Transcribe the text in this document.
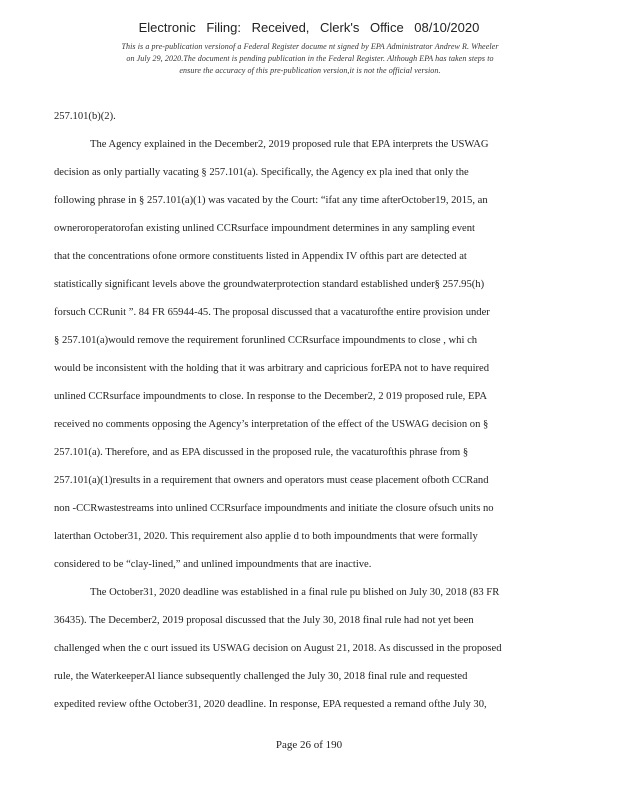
Electronic Filing: Received, Clerk's Office 08/10/2020
This is a pre-publication versionof a Federal Register docume nt signed by EPA Administrator Andrew R. Wheeler
on July 29, 2020.The document is pending publication in the Federal Register. Although EPA has taken steps to
ensure the accuracy of this pre-publication version,it is not the official version.
257.101(b)(2).
The Agency explained in the December2, 2019 proposed rule that EPA interprets the USWAG
decision as only partially vacating § 257.101(a). Specifically, the Agency ex pla ined that only the
following phrase in § 257.101(a)(1) was vacated by the Court: “ifat any time afterOctober19, 2015, an
owneroroperatorofan existing unlined CCRsurface impoundment determines in any sampling event
that the concentrations ofone ormore constituents listed in Appendix IV ofthis part are detected at
statistically significant levels above the groundwaterprotection standard established under§ 257.95(h)
forsuch CCRunit ”. 84 FR 65944-45. The proposal discussed that a vacaturofthe entire provision under
§ 257.101(a)would remove the requirement forunlined CCRsurface impoundments to close , whi ch
would be inconsistent with the holding that it was arbitrary and capricious forEPA not to have required
unlined CCRsurface impoundments to close. In response to the December2, 2 019 proposed rule, EPA
received no comments opposing the Agency’s interpretation of the effect of the USWAG decision on §
257.101(a). Therefore, and as EPA discussed in the proposed rule, the vacaturofthis phrase from §
257.101(a)(1)results in a requirement that owners and operators must cease placement ofboth CCRand
non -CCRwastestreams into unlined CCRsurface impoundments and initiate the closure ofsuch units no
laterthan October31, 2020. This requirement also applie d to both impoundments that were formally
considered to be “clay-lined,” and unlined impoundments that are inactive.
The October31, 2020 deadline was established in a final rule pu blished on July 30, 2018 (83 FR
36435). The December2, 2019 proposal discussed that the July 30, 2018 final rule had not yet been
challenged when the c ourt issued its USWAG decision on August 21, 2018. As discussed in the proposed
rule, the WaterkeeperAl liance subsequently challenged the July 30, 2018 final rule and requested
expedited review ofthe October31, 2020 deadline. In response, EPA requested a remand ofthe July 30,
Page 26 of 190
